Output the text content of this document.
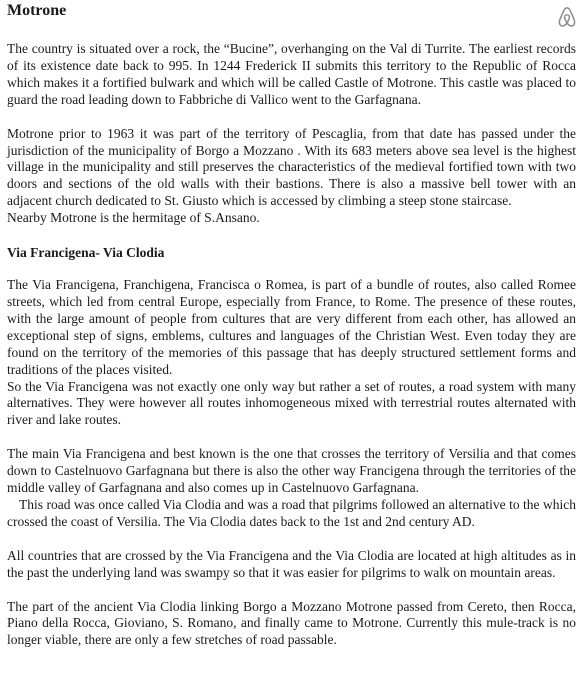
Motrone

The country is situated over a rock, the “Bucine”, overhanging on the Val di Turrite. The earliest records of its existence date back to 995. In 1244 Frederick II submits this territory to the Republic of Rocca which makes it a fortified bulwark and which will be called Castle of Motrone. This castle was placed to guard the road leading down to Fabbriche di Vallico went to the Garfagnana.

Motrone prior to 1963 it was part of the territory of Pescaglia, from that date has passed under the jurisdiction of the municipality of Borgo a Mozzano . With its 683 meters above sea level is the highest village in the municipality and still preserves the characteristics of the medieval fortified town with two doors and sections of the old walls with their bastions. There is also a massive bell tower with an adjacent church dedicated to St. Giusto which is accessed by climbing a steep stone staircase.

Nearby Motrone is the hermitage of S.Ansano.

Via Francigena- Via Clodia

The Via Francigena, Franchigena, Francisca o Romea, is part of a bundle of routes, also called Romee streets, which led from central Europe, especially from France, to Rome. The presence of these routes, with the large amount of people from cultures that are very different from each other, has allowed an exceptional step of signs, emblems, cultures and languages of the Christian West. Even today they are found on the territory of the memories of this passage that has deeply structured settlement forms and traditions of the places visited.

So the Via Francigena was not exactly one only way but rather a set of routes, a road system with many alternatives. They were however all routes inhomogeneous mixed with terrestrial routes alternated with river and lake routes.

The main Via Francigena and best known is the one that crosses the territory of Versilia and that comes down to Castelnuovo Garfagnana but there is also the other way Francigena through the territories of the middle valley of Garfagnana and also comes up in Castelnuovo Garfagnana.

This road was once called Via Clodia and was a road that pilgrims followed an alternative to the which crossed the coast of Versilia. The Via Clodia dates back to the 1st and 2nd century AD.

All countries that are crossed by the Via Francigena and the Via Clodia are located at high altitudes as in the past the underlying land was swampy so that it was easier for pilgrims to walk on mountain areas.

The part of the ancient Via Clodia linking Borgo a Mozzano Motrone passed from Cereto, then Rocca, Piano della Rocca, Gioviano, S. Romano, and finally came to Motrone. Currently this mule-track is no longer viable, there are only a few stretches of road passable.
